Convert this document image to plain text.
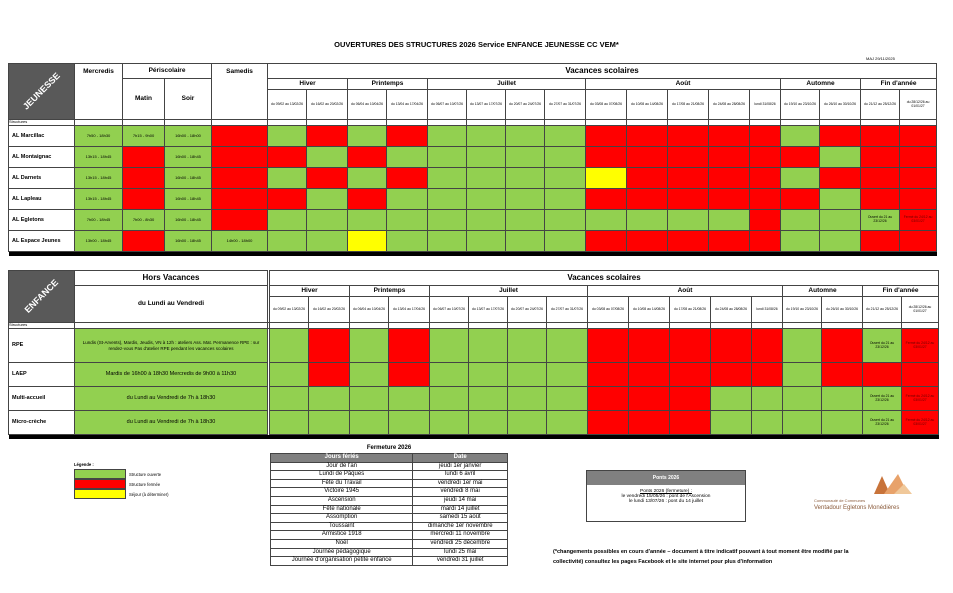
OUVERTURES DES STRUCTURES 2026 Service ENFANCE JEUNESSE CC VEM*
MAJ 29/11/2025
JEUNESSE	Mercredis	Périscolaire		Samedis	Vacances scolaires																
		Matin	Soir		Hiver		Printemps		Juillet				Août					Automne		Fin d'année	
					du 09/02 au 13/02/26	du 16/02 au 20/02/26	du 06/04 au 10/04/26	du 13/04 au 17/04/26	du 06/07 au 10/07/26	du 13/07 au 17/07/26	du 20/07 au 24/07/26	du 27/07 au 31/07/26	du 03/08 au 07/08/26	du 10/08 au 14/08/26	du 17/08 au 21/08/26	du 24/08 au 28/08/26	lundi 31/08/26	du 19/10 au 23/10/26	du 26/10 au 30/10/26	du 21/12 au 25/12/26	du 28/12/26 au 01/01/27
Structures																					
AL Marcillac	7h50 - 18h30	7h15 - 9h00	16h00 - 18h00																		
AL Montaignac	13h15 - 18h45		16h00 - 18h45																		
AL Darnets	13h15 - 18h45		16h00 - 18h45																		
AL Lapleau	13h15 - 18h45		16h00 - 18h45																		
AL Egletons	7h00 - 18h45	7h00 - 8h30	16h00 - 18h45																	Ouvert du 21 au 23/12/26	Fermé du 24/12 au 03/01/27
AL Espace Jeunes	13h00 - 18h45		16h00 - 18h45	14h00 - 18h00																	

ENFANCE	Hors Vacances		Vacances scolaires																
	du Lundi au Vendredi		Hiver		Printemps		Juillet				Août					Automne		Fin d'année	
			du 09/02 au 13/02/26	du 16/02 au 20/02/26	du 06/04 au 10/04/26	du 13/04 au 17/04/26	du 06/07 au 10/07/26	du 13/07 au 17/07/26	du 20/07 au 24/07/26	du 27/07 au 31/07/26	du 03/08 au 07/08/26	du 10/08 au 14/08/26	du 17/08 au 21/08/26	du 24/08 au 28/08/26	lundi 31/08/26	du 19/10 au 23/10/26	du 26/10 au 30/10/26	du 21/12 au 25/12/26	du 28/12/26 au 01/01/27
Structures																			
RPE	Lundis (St-Arvents), Mardis, Jeudis, VN à 12h : ateliers Ass. Mat. Permanence RPE : sur rendez-vous Pas d'atelier RPE pendant les vacances scolaires																	Ouvert du 21 au 23/12/26	Fermé du 24/12 au 03/01/27
LAEP	Mardis de 16h00 à 18h30 Mercredis de 9h00 à 11h30																		
Multi-accueil	du Lundi au Vendredi de 7h à 18h30																	Ouvert du 21 au 23/12/26	Fermé du 24/12 au 03/01/27
Micro-crèche	du Lundi au Vendredi de 7h à 18h30																	Ouvert du 21 au 23/12/26	Fermé du 24/12 au 03/01/27

Légende :
Structure ouverte
Structure fermée
Séjour (à déterminer)
Fermeture 2026
Jours fériés	Date
Jour de l'an	jeudi 1er janvier
Lundi de Pâques	lundi 6 avril
Fête du Travail	vendredi 1er mai
Victoire 1945	vendredi 8 mai
Ascension	jeudi 14 mai
Fête nationale	mardi 14 juillet
Assomption	samedi 15 août
Toussaint	dimanche 1er novembre
Armistice 1918	mercredi 11 novembre
Noël	vendredi 25 décembre
Journée pédagogique	lundi 25 mai
Journée d'organisation petite enfance	vendredi 31 juillet
Ponts 2026
Ponts 2026 (fermeture) :
le vendredi 15/05/26 : pont de l'Ascension
le lundi 13/07/26 : pont du 14 juillet
(*changements possibles en cours d'année – document à titre indicatif pouvant à tout moment être modifié par la collectivité) consultez les pages Facebook et le site internet pour plus d'information
Communauté de Communes
Ventadour Egletons Monédières
